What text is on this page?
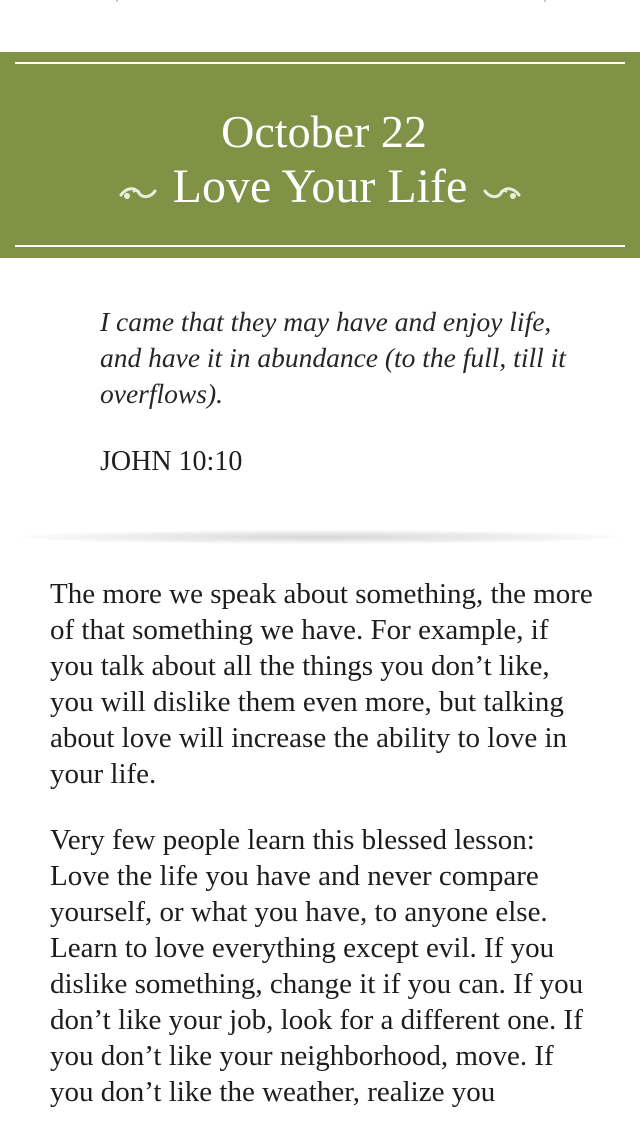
October 22
Love Your Life
I came that they may have and enjoy life, and have it in abundance (to the full, till it overflows).
JOHN 10:10

The more we speak about something, the more of that something we have. For example, if you talk about all the things you don’t like, you will dislike them even more, but talking about love will increase the ability to love in your life.

Very few people learn this blessed lesson: Love the life you have and never compare yourself, or what you have, to anyone else. Learn to love everything except evil. If you dislike something, change it if you can. If you don’t like your job, look for a different one. If you don’t like your neighborhood, move. If you don’t like the weather, realize you
